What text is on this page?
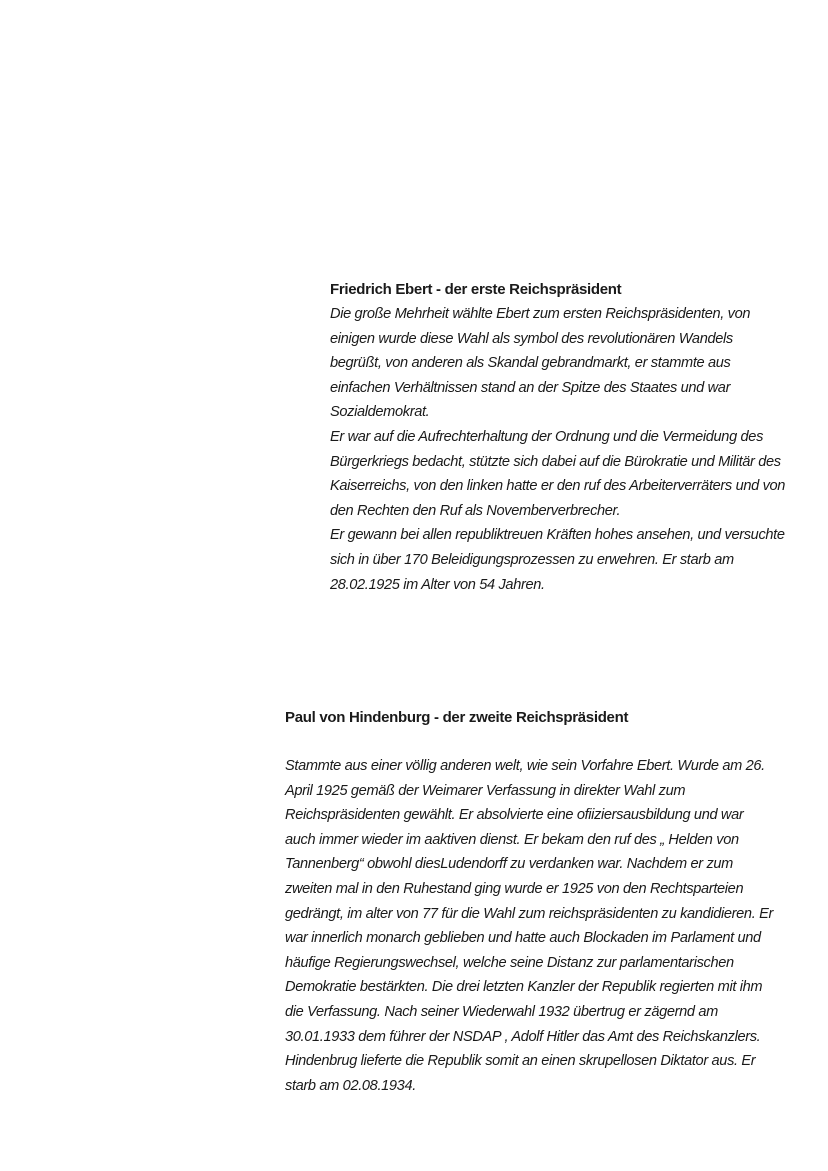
Friedrich Ebert - der erste Reichspräsident

Die große Mehrheit wählte Ebert zum ersten Reichspräsidenten, von
einigen wurde diese Wahl als symbol des revolutionären Wandels
begrüßt, von anderen als Skandal gebrandmarkt, er stammte aus
einfachen Verhältnissen stand an der Spitze des Staates und war
Sozialdemokrat.

Er war auf die Aufrechterhaltung der Ordnung und die Vermeidung des
Bürgerkriegs bedacht, stützte sich dabei auf die Bürokratie und Militär des
Kaiserreichs, von den linken hatte er den ruf des Arbeiterverräters und von
den Rechten den Ruf als Novemberverbrecher.

Er gewann bei allen republiktreuen Kräften hohes ansehen, und versuchte
sich in über 170 Beleidigungsprozessen zu erwehren. Er starb am
28.02.1925 im Alter von 54 Jahren.

Paul von Hindenburg - der zweite Reichspräsident

Stammte aus einer völlig anderen welt, wie sein Vorfahre Ebert. Wurde am 26.
April 1925 gemäß der Weimarer Verfassung in direkter Wahl zum
Reichspräsidenten gewählt. Er absolvierte eine ofiiziersausbildung und war
auch immer wieder im aaktiven dienst. Er bekam den ruf des „ Helden von
Tannenberg“ obwohl diesLudendorff zu verdanken war. Nachdem er zum
zweiten mal in den Ruhestand ging wurde er 1925 von den Rechtsparteien
gedrängt, im alter von 77 für die Wahl zum reichspräsidenten zu kandidieren. Er
war innerlich monarch geblieben und hatte auch Blockaden im Parlament und
häufige Regierungswechsel, welche seine Distanz zur parlamentarischen
Demokratie bestärkten. Die drei letzten Kanzler der Republik regierten mit ihm
die Verfassung. Nach seiner Wiederwahl 1932 übertrug er zägernd am
30.01.1933 dem führer der NSDAP , Adolf Hitler das Amt des Reichskanzlers.
Hindenbrug lieferte die Republik somit an einen skrupellosen Diktator aus. Er
starb am 02.08.1934.
